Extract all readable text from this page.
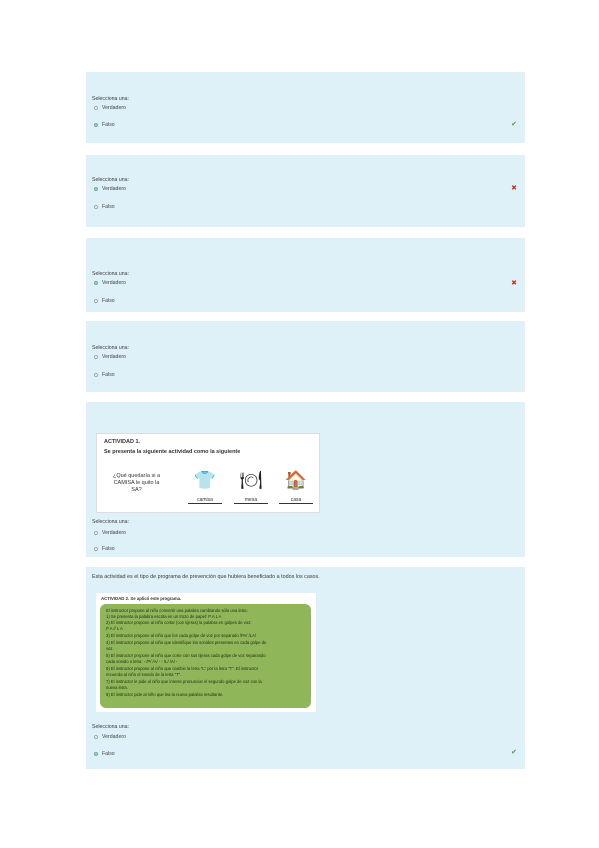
Selecciona una:
Verdadero
Falso	✔
Selecciona una:
Verdadero
Falso
✖
Selecciona una:
Verdadero
Falso
✖
Selecciona una:
Verdadero
Falso
ACTIVIDAD 1.
Se presenta la siguiente actividad como la siguiente
¿Qué quedaría si a CAMISA le quito la SA?	👕 🍽 🏠
camisa	mesa	casa
Selecciona una:
Verdadero
Falso
Esta actividad es el tipo de programa de prevención que hubiera beneficiado a todos los casos.
ACTIVIDAD 2. Se aplicó este programa.
El instructor propone al niño convertir una palabra cambiando sólo una letra:
1) Se presenta la palabra escrita en un trozo de papel: P A L A
2) El instructor propone al niño cortar (con tijeras) la palabra en golpes de voz:
P A // L A
3) El instructor propone al niño que los cada golpe de voz por separado /PA/ /LA/
4) El instructor propone al niño que identifique los sonidos presentes en cada golpe de
voz.
5) El instructor propone al niño que corte con sus tijeras cada golpe de voz separando
cada sonido o letra: - /P/ /A/ - - /L/ /A/ -
6) El instructor propone al niño que cambie la letra "L" por la letra "T". El instructor
recuerda al niño el sonido de la letra "T".
7) El instructor le pide al niño que intente pronunciar el segundo golpe de voz con la
nueva letra.
8) El instructor pide al niño que lea la nueva palabra resultante.
Selecciona una:
Verdadero
Falso	✔
